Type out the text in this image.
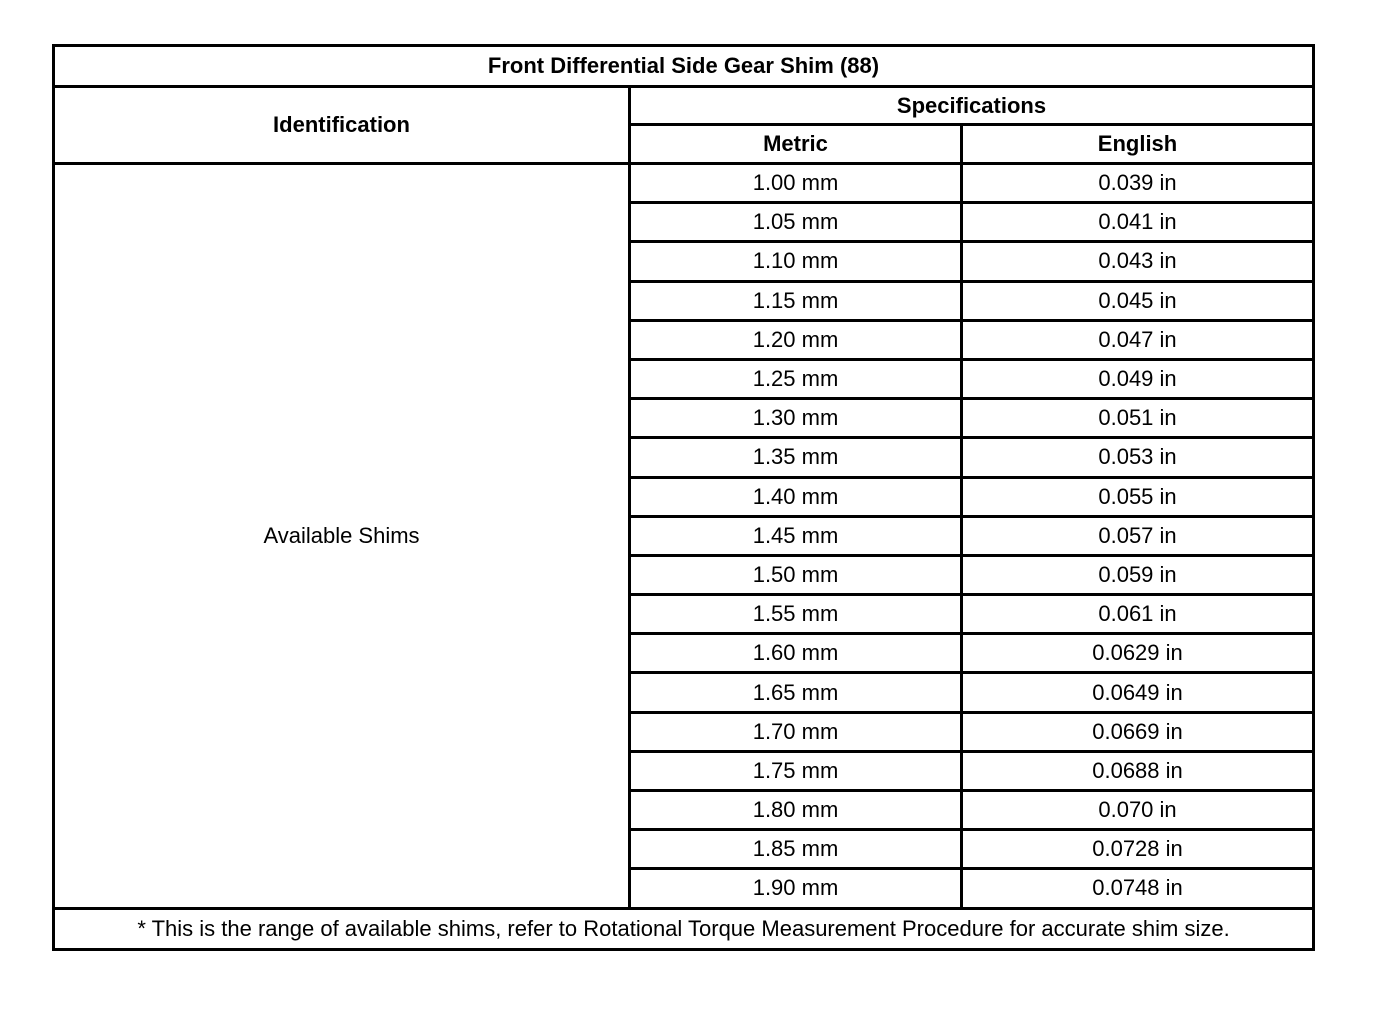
Front Differential Side Gear Shim (88)		
Identification	Specifications	
	Metric	English
Available Shims	1.00 mm	0.039 in
	1.05 mm	0.041 in
	1.10 mm	0.043 in
	1.15 mm	0.045 in
	1.20 mm	0.047 in
	1.25 mm	0.049 in
	1.30 mm	0.051 in
	1.35 mm	0.053 in
	1.40 mm	0.055 in
	1.45 mm	0.057 in
	1.50 mm	0.059 in
	1.55 mm	0.061 in
	1.60 mm	0.0629 in
	1.65 mm	0.0649 in
	1.70 mm	0.0669 in
	1.75 mm	0.0688 in
	1.80 mm	0.070 in
	1.85 mm	0.0728 in
	1.90 mm	0.0748 in
* This is the range of available shims, refer to Rotational Torque Measurement Procedure for accurate shim size.		
